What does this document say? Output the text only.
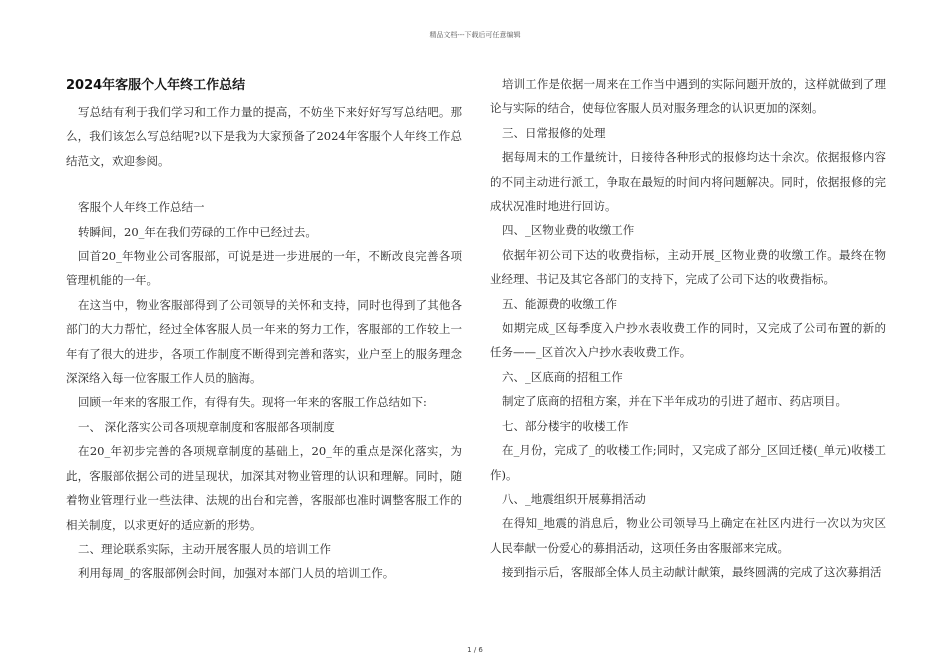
精品文档---下载后可任意编辑
2024年客服个人年终工作总结

写总结有利于我们学习和工作力量的提高，不妨坐下来好好写写总结吧。那么，我们该怎么写总结呢?以下是我为大家预备了2024年客服个人年终工作总结范文，欢迎参阅。

客服个人年终工作总结一

转瞬间，20_年在我们劳碌的工作中已经过去。

回首20_年物业公司客服部，可说是进一步进展的一年，不断改良完善各项管理机能的一年。

在这当中，物业客服部得到了公司领导的关怀和支持，同时也得到了其他各部门的大力帮忙，经过全体客服人员一年来的努力工作，客服部的工作较上一年有了很大的进步，各项工作制度不断得到完善和落实，业户至上的服务理念深深络入每一位客服工作人员的脑海。

回顾一年来的客服工作，有得有失。现将一年来的客服工作总结如下:

一、 深化落实公司各项规章制度和客服部各项制度

在20_年初步完善的各项规章制度的基础上，20_年的重点是深化落实，为此，客服部依据公司的进呈现状，加深其对物业管理的认识和理解。同时，随着物业管理行业一些法律、法规的出台和完善，客服部也准时调整客服工作的相关制度，以求更好的适应新的形势。

二、理论联系实际，主动开展客服人员的培训工作

利用每周_的客服部例会时间，加强对本部门人员的培训工作。

培训工作是依据一周来在工作当中遇到的实际问题开放的，这样就做到了理论与实际的结合，使每位客服人员对服务理念的认识更加的深刻。

三、日常报修的处理

据每周末的工作量统计，日接待各种形式的报修均达十余次。依据报修内容的不同主动进行派工，争取在最短的时间内将问题解决。同时，依据报修的完成状况准时地进行回访。

四、_区物业费的收缴工作

依据年初公司下达的收费指标，主动开展_区物业费的收缴工作。最终在物业经理、书记及其它各部门的支持下，完成了公司下达的收费指标。

五、能源费的收缴工作

如期完成_区每季度入户抄水表收费工作的同时，又完成了公司布置的新的任务——_区首次入户抄水表收费工作。

六、_区底商的招租工作

制定了底商的招租方案，并在下半年成功的引进了超市、药店项目。

七、部分楼宇的收楼工作

在_月份，完成了_的收楼工作;同时，又完成了部分_区回迁楼(_单元)收楼工作)。

八、_地震组织开展募捐活动

在得知_地震的消息后，物业公司领导马上确定在社区内进行一次以为灾区人民奉献一份爱心的募捐活动，这项任务由客服部来完成。

接到指示后，客服部全体人员主动献计献策，最终圆满的完成了这次募捐活

1 / 6
